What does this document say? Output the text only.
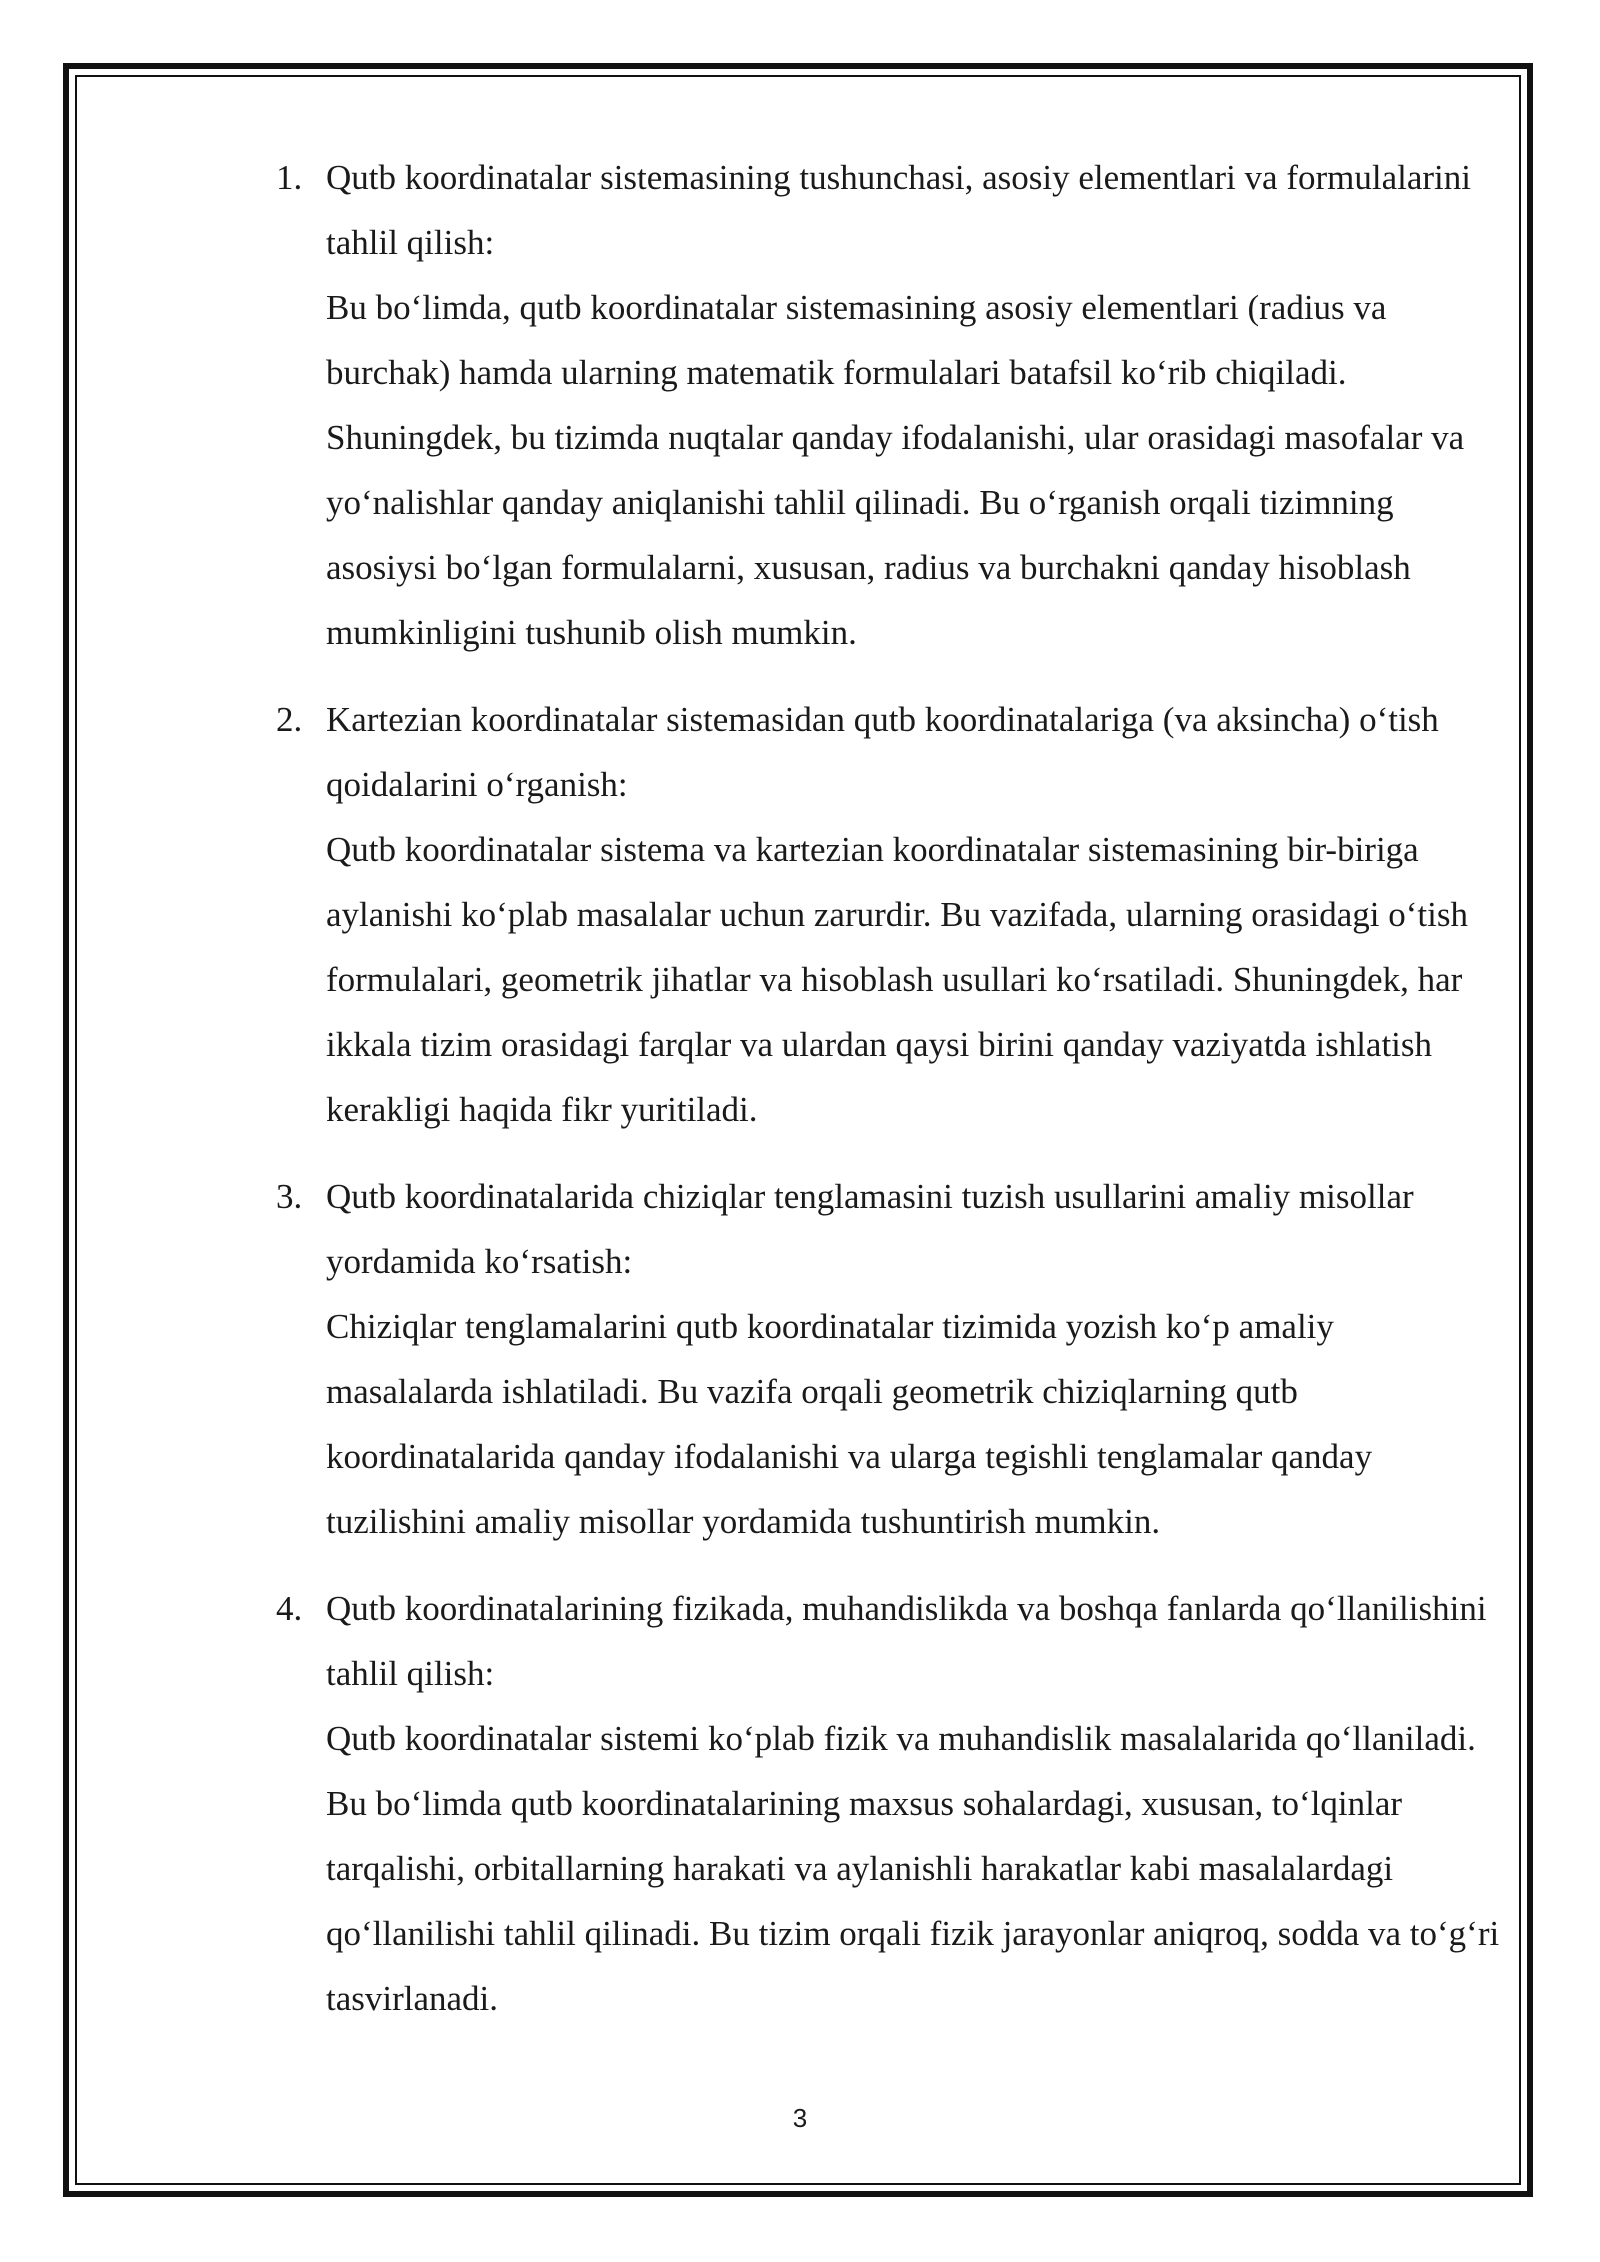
1. Qutb koordinatalar sistemasining tushunchasi, asosiy elementlari va formulalarini tahlil qilish:
Bu bo‘limda, qutb koordinatalar sistemasining asosiy elementlari (radius va burchak) hamda ularning matematik formulalari batafsil ko‘rib chiqiladi. Shuningdek, bu tizimda nuqtalar qanday ifodalanishi, ular orasidagi masofalar va yo‘nalishlar qanday aniqlanishi tahlil qilinadi. Bu o‘rganish orqali tizimning asosiysi bo‘lgan formulalarni, xususan, radius va burchakni qanday hisoblash mumkinligini tushunib olish mumkin.
2. Kartezian koordinatalar sistemasidan qutb koordinatalariga (va aksincha) o‘tish qoidalarini o‘rganish:
Qutb koordinatalar sistema va kartezian koordinatalar sistemasining bir-biriga aylanishi ko‘plab masalalar uchun zarurdir. Bu vazifada, ularning orasidagi o‘tish formulalari, geometrik jihatlar va hisoblash usullari ko‘rsatiladi. Shuningdek, har ikkala tizim orasidagi farqlar va ulardan qaysi birini qanday vaziyatda ishlatish kerakligi haqida fikr yuritiladi.
3. Qutb koordinatalarida chiziqlar tenglamasini tuzish usullarini amaliy misollar yordamida ko‘rsatish:
Chiziqlar tenglamalarini qutb koordinatalar tizimida yozish ko‘p amaliy masalalarda ishlatiladi. Bu vazifa orqali geometrik chiziqlarning qutb koordinatalarida qanday ifodalanishi va ularga tegishli tenglamalar qanday tuzilishini amaliy misollar yordamida tushuntirish mumkin.
4. Qutb koordinatalarining fizikada, muhandislikda va boshqa fanlarda qo‘llanilishini tahlil qilish:
Qutb koordinatalar sistemi ko‘plab fizik va muhandislik masalalarida qo‘llaniladi. Bu bo‘limda qutb koordinatalarining maxsus sohalardagi, xususan, to‘lqinlar tarqalishi, orbitallarning harakati va aylanishli harakatlar kabi masalalardagi qo‘llanilishi tahlil qilinadi. Bu tizim orqali fizik jarayonlar aniqroq, sodda va to‘g‘ri tasvirlanadi.
3
